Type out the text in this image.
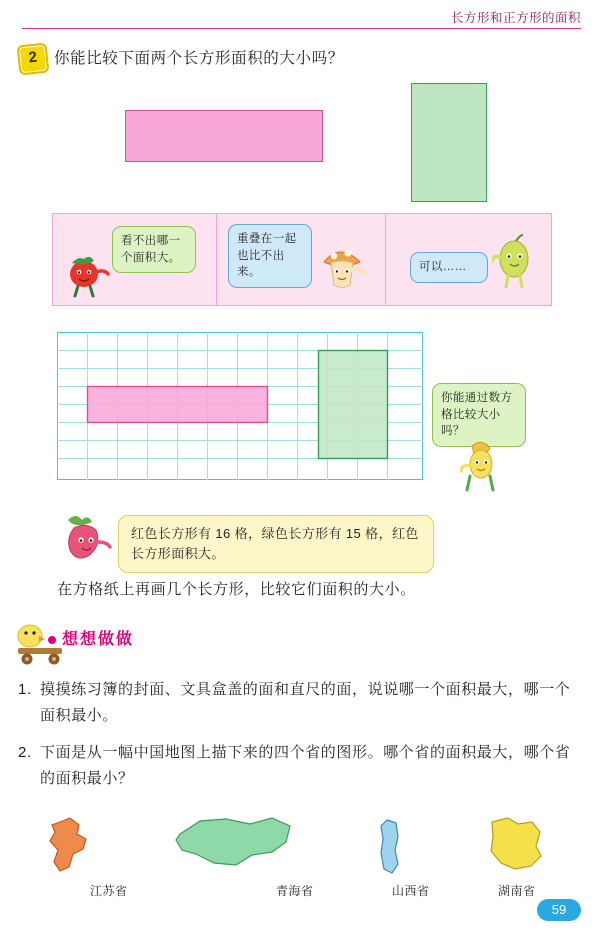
长方形和正方形的面积
2	你能比较下面两个长方形面积的大小吗？
看不出哪一个面积大。
重叠在一起也比不出来。	可以……
你能通过数方格比较大小吗？
红色长方形有 16 格，绿色长方形有 15 格，红色长方形面积大。
在方格纸上再画几个长方形，比较它们面积的大小。
想想做做
1. 摸摸练习簿的封面、文具盒盖的面和直尺的面，说说哪一个面积最大，哪一个面积最小。
2. 下面是从一幅中国地图上描下来的四个省的图形。哪个省的面积最大，哪个省的面积最小？
江苏省	青海省	山西省	湖南省
59
